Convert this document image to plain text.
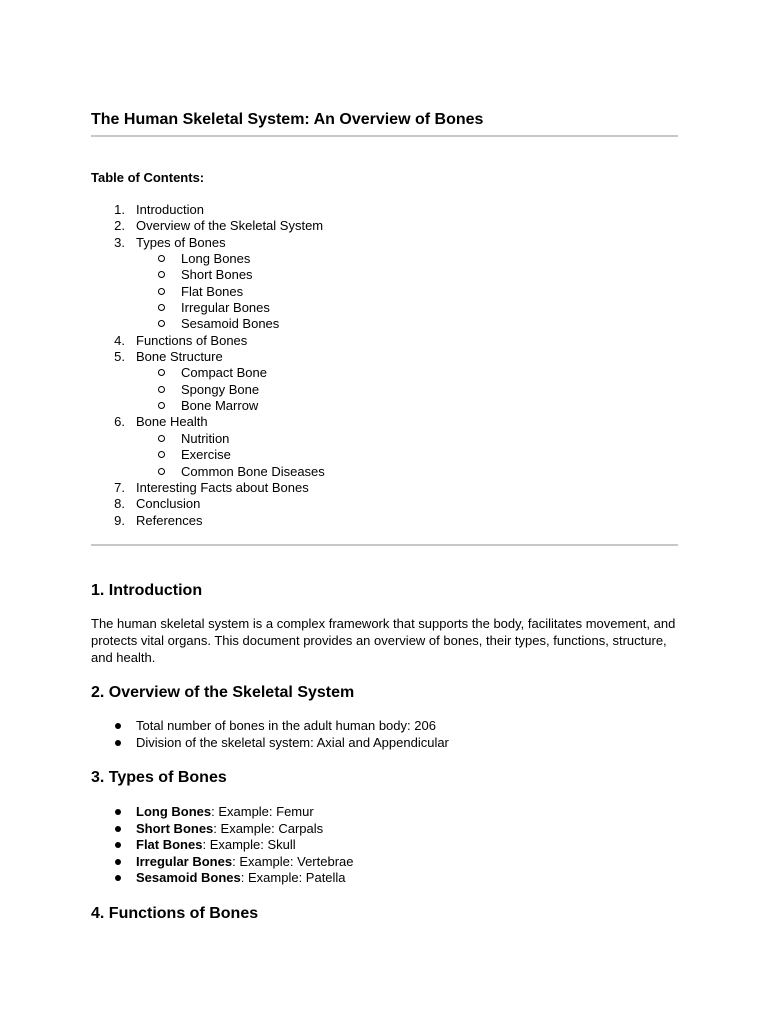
The Human Skeletal System: An Overview of Bones
Table of Contents:
1. Introduction
2. Overview of the Skeletal System
3. Types of Bones
Long Bones
Short Bones
Flat Bones
Irregular Bones
Sesamoid Bones
4. Functions of Bones
5. Bone Structure
Compact Bone
Spongy Bone
Bone Marrow
6. Bone Health
Nutrition
Exercise
Common Bone Diseases
7. Interesting Facts about Bones
8. Conclusion
9. References
1. Introduction

The human skeletal system is a complex framework that supports the body, facilitates movement, and protects vital organs. This document provides an overview of bones, their types, functions, structure, and health.

2. Overview of the Skeletal System
Total number of bones in the adult human body: 206
Division of the skeletal system: Axial and Appendicular
3. Types of Bones
Long Bones: Example: Femur
Short Bones: Example: Carpals
Flat Bones: Example: Skull
Irregular Bones: Example: Vertebrae
Sesamoid Bones: Example: Patella
4. Functions of Bones
